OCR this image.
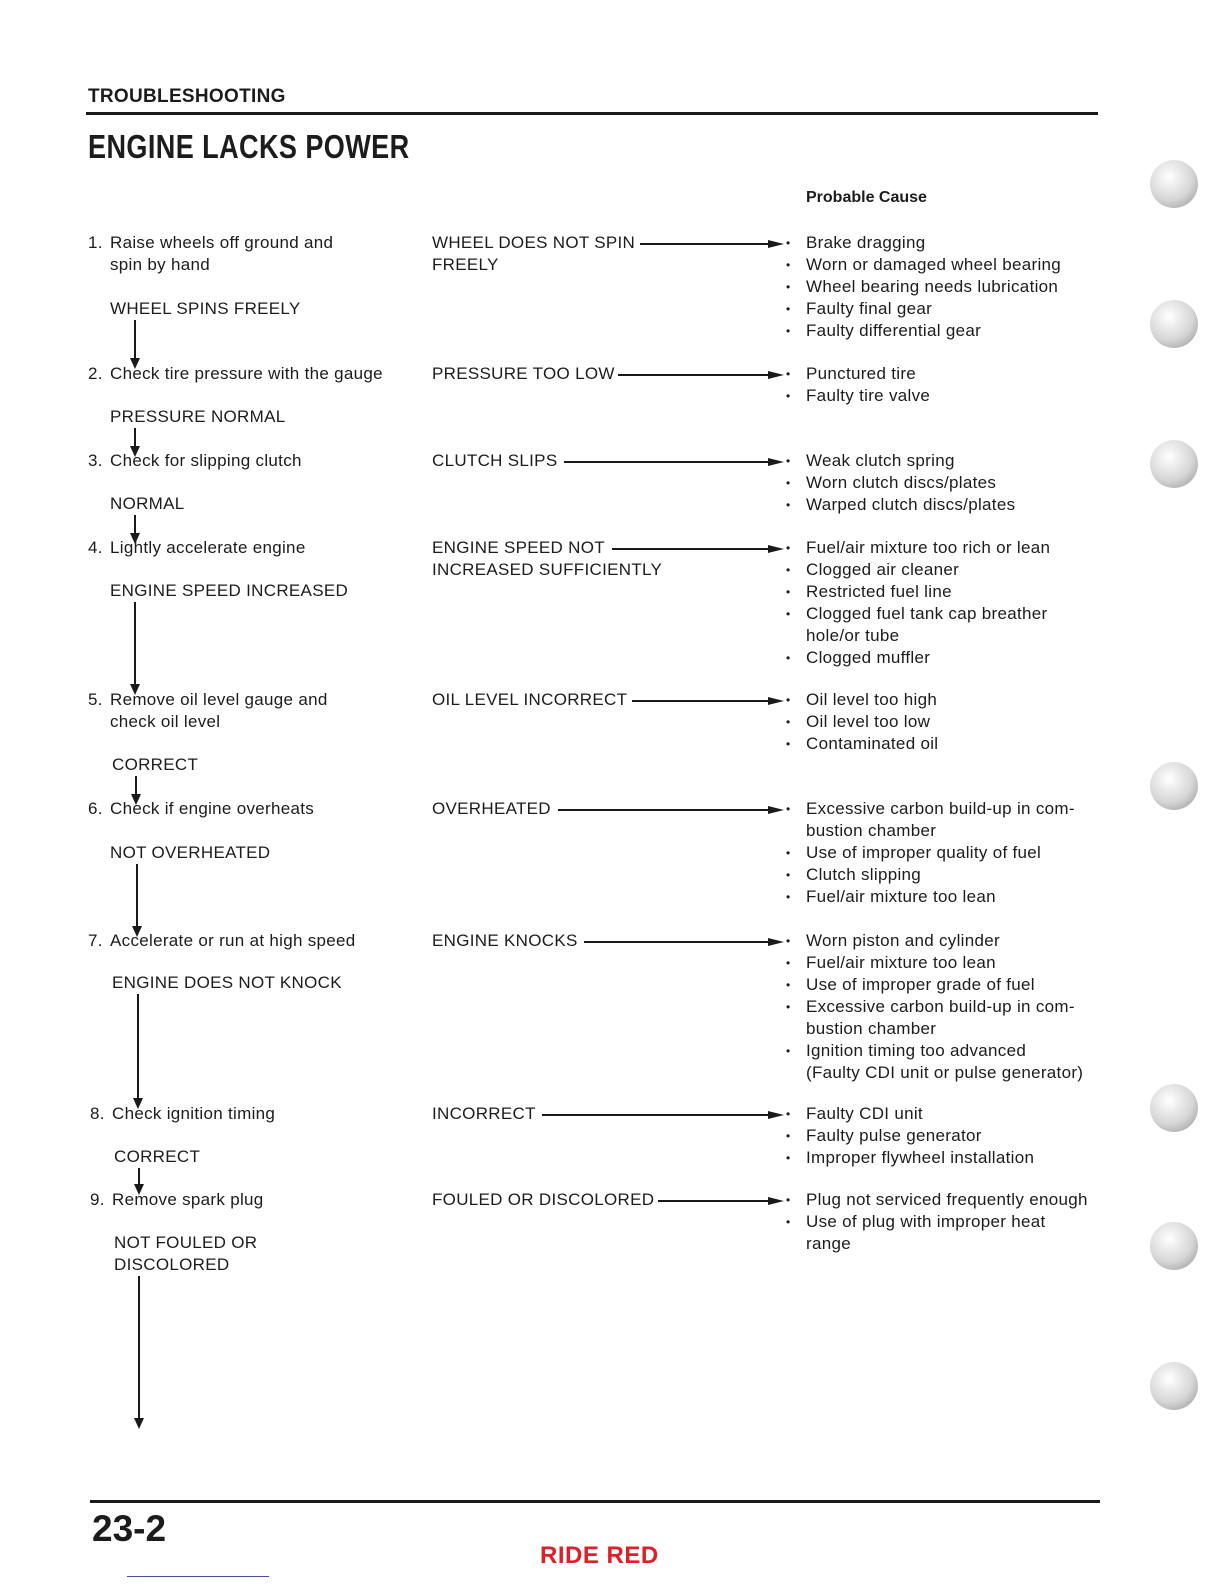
TROUBLESHOOTING
ENGINE LACKS POWER
Probable Cause
1. Raise wheels off ground and
spin by hand
WHEEL SPINS FREELY
WHEEL DOES NOT SPIN
FREELY
• Brake dragging
• Worn or damaged wheel bearing
• Wheel bearing needs lubrication
• Faulty final gear
• Faulty differential gear
2. Check tire pressure with the gauge
PRESSURE NORMAL
PRESSURE TOO LOW	• Punctured tire
• Faulty tire valve
3. Check for slipping clutch
NORMAL
CLUTCH SLIPS	• Weak clutch spring
• Worn clutch discs/plates
• Warped clutch discs/plates
4. Lightly accelerate engine
ENGINE SPEED INCREASED
ENGINE SPEED NOT
INCREASED SUFFICIENTLY
• Fuel/air mixture too rich or lean
• Clogged air cleaner
• Restricted fuel line
• Clogged fuel tank cap breather
hole/or tube
• Clogged muffler
5. Remove oil level gauge and
check oil level
CORRECT
OIL LEVEL INCORRECT	• Oil level too high
• Oil level too low
• Contaminated oil
6. Check if engine overheats
NOT OVERHEATED
OVERHEATED	• Excessive carbon build-up in com-
bustion chamber
• Use of improper quality of fuel
• Clutch slipping
• Fuel/air mixture too lean
7. Accelerate or run at high speed
ENGINE DOES NOT KNOCK
ENGINE KNOCKS	• Worn piston and cylinder
• Fuel/air mixture too lean
• Use of improper grade of fuel
• Excessive carbon build-up in com-
bustion chamber
• Ignition timing too advanced
(Faulty CDI unit or pulse generator)
8. Check ignition timing
CORRECT
INCORRECT	• Faulty CDI unit
• Faulty pulse generator
• Improper flywheel installation
9. Remove spark plug
NOT FOULED OR
DISCOLORED
FOULED OR DISCOLORED	• Plug not serviced frequently enough
• Use of plug with improper heat
range
23-2
RIDE RED
